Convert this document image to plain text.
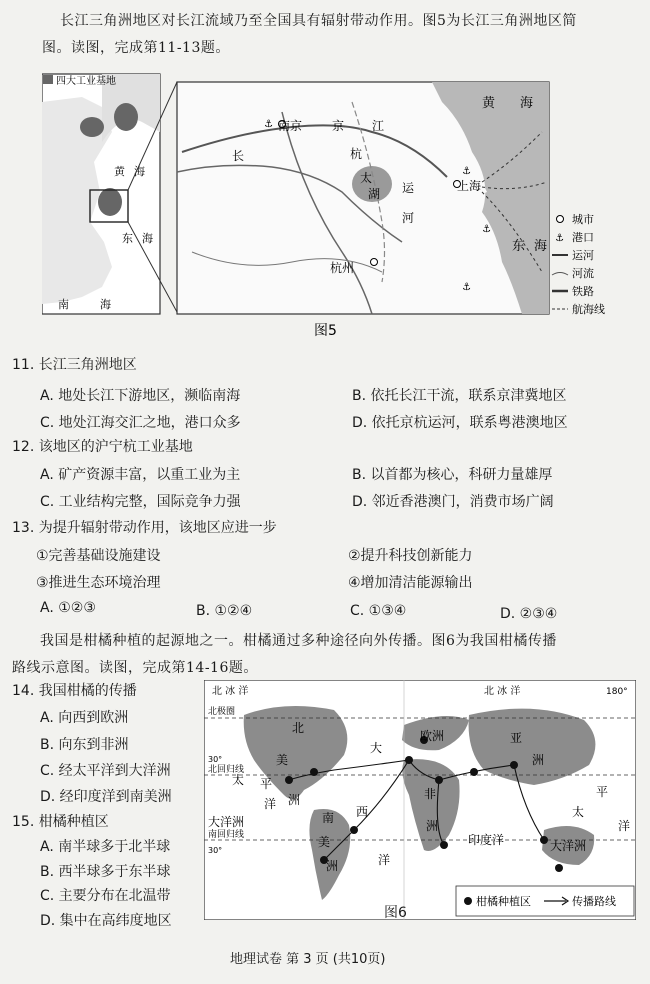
长江三角洲地区对长江流域乃至全国具有辐射带动作用。图5为长江三角洲地区简
图。读图，完成第11-13题。
四大工业基地
黄 海
东 海
南	海
⚓
⚓
⚓
⚓
南京 京 江
长	杭
太
湖 运
河
上海
杭州
黄 海
东 海
城市
⚓ 港口
运河
河流
铁路
航海线
图5
11. 长江三角洲地区
A. 地处长江下游地区，濒临南海	B. 依托长江干流，联系京津冀地区
C. 地处江海交汇之地，港口众多	D. 依托京杭运河，联系粤港澳地区
12. 该地区的沪宁杭工业基地
A. 矿产资源丰富，以重工业为主	B. 以首都为核心，科研力量雄厚
C. 工业结构完整，国际竞争力强	D. 邻近香港澳门，消费市场广阔
13. 为提升辐射带动作用，该地区应进一步
①完善基础设施建设	②提升科技创新能力
③推进生态环境治理	④增加清洁能源输出
A. ①②③	B. ①②④	C. ①③④	D. ②③④
我国是柑橘种植的起源地之一。柑橘通过多种途径向外传播。图6为我国柑橘传播
路线示意图。读图，完成第14-16题。
14. 我国柑橘的传播
A. 向西到欧洲
B. 向东到非洲
C. 经太平洋到大洋洲
D. 经印度洋到南美洲
15. 柑橘种植区
A. 南半球多于北半球
B. 西半球多于东半球
C. 主要分布在北温带
D. 集中在高纬度地区
北 冰 洋	北 冰 洋	180°
北极圈
北回归线
南回归线
30°
30°
北
美
洲
太
大
西
洋
欧洲	亚
洲
非
洲
南
美
洲
印度洋
太
平
洋
大洋洲
大洋洲
洋
平
柑橘种植区	传播路线
图6
地理试卷 第 3 页 (共10页)
